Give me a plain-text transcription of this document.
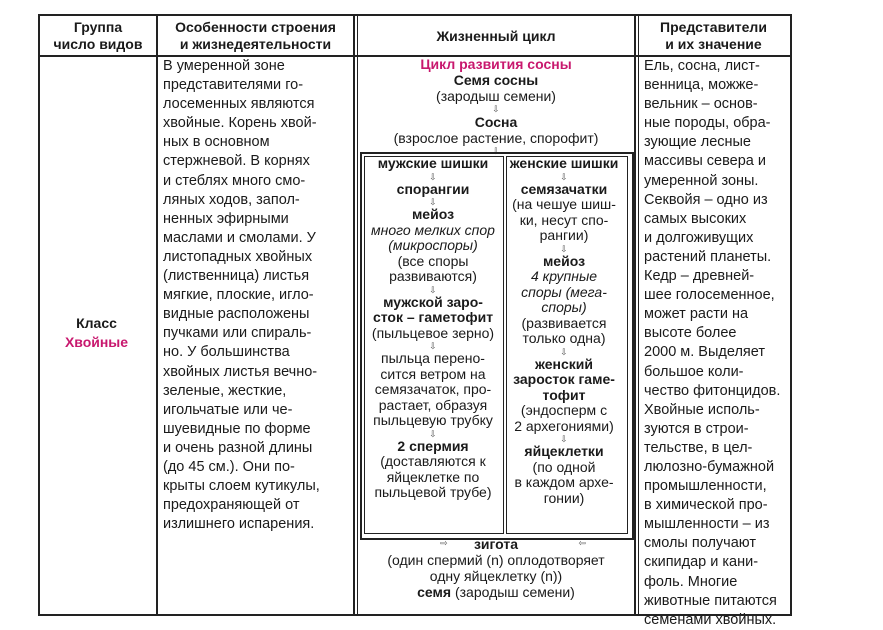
Группа
число видов
Особенности строения
и жизнедеятельности
Жизненный цикл
Представители
и их значение
Класс
Хвойные

В умеренной зоне

представителями го-

лосеменных являются

хвойные. Корень хвой-

ных в основном

стержневой. В корнях

и стеблях много смо-

ляных ходов, запол-

ненных эфирными

маслами и смолами. У

листопадных хвойных

(лиственница) листья

мягкие, плоские, игло-

видные расположены

пучками или спираль-

но. У большинства

хвойных листья вечно-

зеленые, жесткие,

игольчатые или че-

шуевидные по форме

и очень разной длины

(до 45 см.). Они по-

крыты слоем кутикулы,

предохраняющей от

излишнего испарения.

Цикл развития сосны
Семя сосны
(зародыш семени)
⇩
Сосна
(взрослое растение, спорофит)
⇩
мужские шишки
⇩
спорангии
⇩
мейоз
много мелких спор
(микроспоры)
(все споры
развиваются)
⇩
мужской заро-
сток – гаметофит
(пыльцевое зерно)
⇩
пыльца перено-
сится ветром на
семязачаток, про-
растает, образуя
пыльцевую трубку
⇩
2 спермия
(доставляются к
яйцеклетке по
пыльцевой трубе)
женские шишки
⇩
семязачатки
(на чешуе шиш-
ки, несут спо-
рангии)
⇩
мейоз
4 крупные
споры (мега-
споры)
(развивается
только одна)
⇩
женский
заросток гаме-
тофит
(эндосперм с
2 архегониями)
⇩
яйцеклетки
(по одной
в каждом архе-
гонии)
⇨ зигота	⇦
(один спермий (n) оплодотворяет
одну яйцеклетку (n))
семя (зародыш семени)

Ель, сосна, лист-

венница, можже-

вельник – основ-

ные породы, обра-

зующие лесные

массивы севера и

умеренной зоны.

Секвойя – одно из

самых высоких

и долгоживущих

растений планеты.

Кедр – древней-

шее голосеменное,

может расти на

высоте более

2000 м. Выделяет

большое коли-

чество фитонцидов.

Хвойные исполь-

зуются в строи-

тельстве, в цел-

люлозно-бумажной

промышленности,

в химической про-

мышленности – из

смолы получают

скипидар и кани-

фоль. Многие

животные питаются

семенами хвойных.
